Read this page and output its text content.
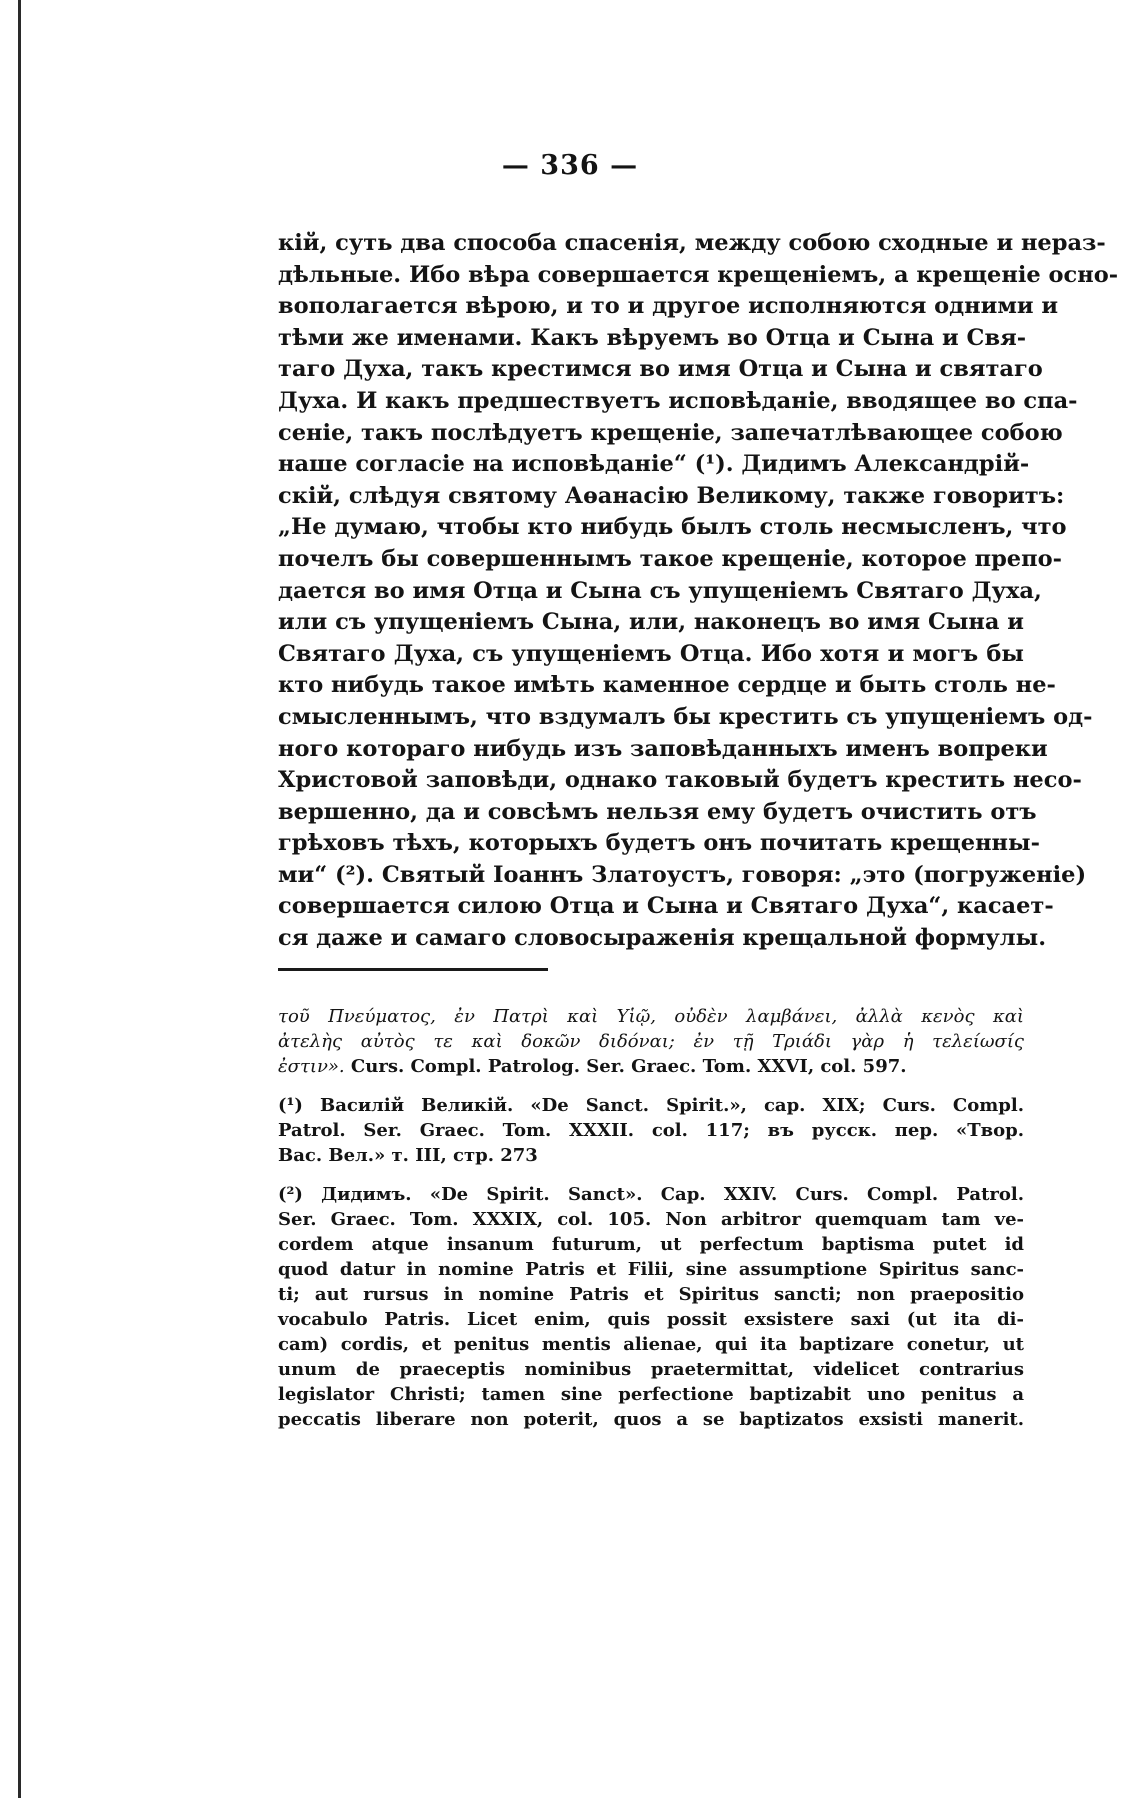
— 336 —
кій, суть два способа спасенія, между собою сходные и нераз-
дѣльные. Ибо вѣра совершается крещеніемъ, а крещеніе осно-
вополагается вѣрою, и то и другое исполняются одними и
тѣми же именами. Какъ вѣруемъ во Отца и Сына и Свя-
таго Духа, такъ крестимся во имя Отца и Сына и святаго
Духа. И какъ предшествуетъ исповѣданіе, вводящее во спа-
сеніе, такъ послѣдуетъ крещеніе, запечатлѣвающее собою
наше согласіе на исповѣданіе“ (¹). Дидимъ Александрій-
скій, слѣдуя святому Аѳанасію Великому, также говоритъ:
„Не думаю, чтобы кто нибудь былъ столь несмысленъ, что
почелъ бы совершеннымъ такое крещеніе, которое препо-
дается во имя Отца и Сына съ упущеніемъ Святаго Духа,
или съ упущеніемъ Сына, или, наконецъ во имя Сына и
Святаго Духа, съ упущеніемъ Отца. Ибо хотя и могъ бы
кто нибудь такое имѣть каменное сердце и быть столь не-
смысленнымъ, что вздумалъ бы крестить съ упущеніемъ од-
ного котораго нибудь изъ заповѣданныхъ именъ вопреки
Христовой заповѣди, однако таковый будетъ крестить несо-
вершенно, да и совсѣмъ нельзя ему будетъ очистить отъ
грѣховъ тѣхъ, которыхъ будетъ онъ почитать крещенны-
ми“ (²). Святый Іоаннъ Златоустъ, говоря: „это (погруженіе)
совершается силою Отца и Сына и Святаго Духа“, касает-
ся даже и самаго словосыраженія крещальной формулы.
τοῦ Πνεύματος, ἐν Πατρὶ καὶ Υἱῷ, οὐδὲν λαμβάνει, ἀλλὰ κενὸς καὶ
ἀτελὴς αὐτὸς τε καὶ δοκῶν διδόναι; ἐν τῇ Τριάδι γὰρ ἡ τελείωσίς
ἐστιν». Curs. Compl. Patrolog. Ser. Graec. Tom. XXVI, col. 597.
(¹) Василій Великій. «De Sanct. Spirit.», cap. XIX; Curs. Compl.
Patrol. Ser. Graec. Tom. XXXII. col. 117; въ русск. пер. «Твор.
Вас. Вел.» т. III, стр. 273
(²) Дидимъ. «De Spirit. Sanct». Cap. XXIV. Curs. Compl. Patrol.
Ser. Graec. Tom. XXXIX, col. 105. Non arbitror quemquam tam ve-
cordem atque insanum futurum, ut perfectum baptisma putet id
quod datur in nomine Patris et Filii, sine assumptione Spiritus sanc-
ti; aut rursus in nomine Patris et Spiritus sancti; non praepositio
vocabulo Patris. Licet enim, quis possit exsistere saxi (ut ita di-
cam) cordis, et penitus mentis alienae, qui ita baptizare conetur, ut
unum de praeceptis nominibus praetermittat, videlicet contrarius
legislator Christi; tamen sine perfectione baptizabit uno penitus a
peccatis liberare non poterit, quos a se baptizatos exsisti manerit.
